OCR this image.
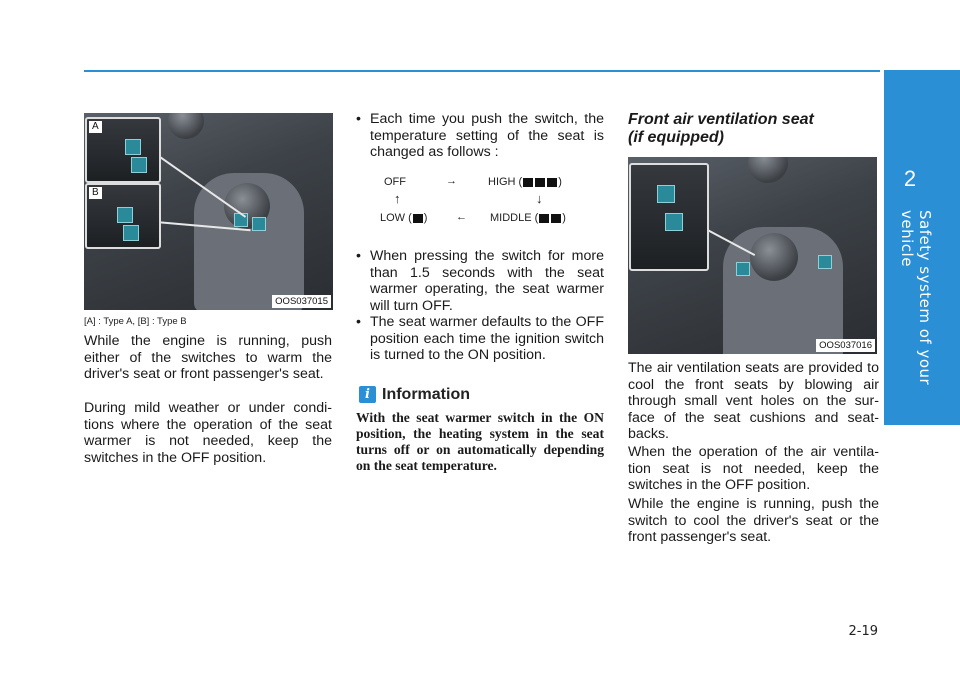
2
Safety system of your vehicle
A
B
OOS037015
[A] : Type A, [B] : Type B

While the engine is running, push either of the switches to warm the driver's seat or front passenger's seat.

During mild weather or under condi-tions where the operation of the seat warmer is not needed, keep the switches in the OFF position.

• Each time you push the switch, the temperature setting of the seat is changed as follows :

OFF	→	HIGH (	)
↑	↓
LOW ( )	← MIDDLE ( )

• When pressing the switch for more than 1.5 seconds with the seat warmer operating, the seat warmer will turn OFF.

• The seat warmer defaults to the OFF position each time the ignition switch is turned to the ON position.

i Information

With the seat warmer switch in the ON position, the heating system in the seat turns off or on automatically depending on the seat temperature.

Front air ventilation seat
(if equipped)
OOS037016

The air ventilation seats are provided to cool the front seats by blowing air through small vent holes on the sur-face of the seat cushions and seat-backs.

When the operation of the air ventila-tion seat is not needed, keep the switches in the OFF position.

While the engine is running, push the switch to cool the driver's seat or the front passenger's seat.

2-19
